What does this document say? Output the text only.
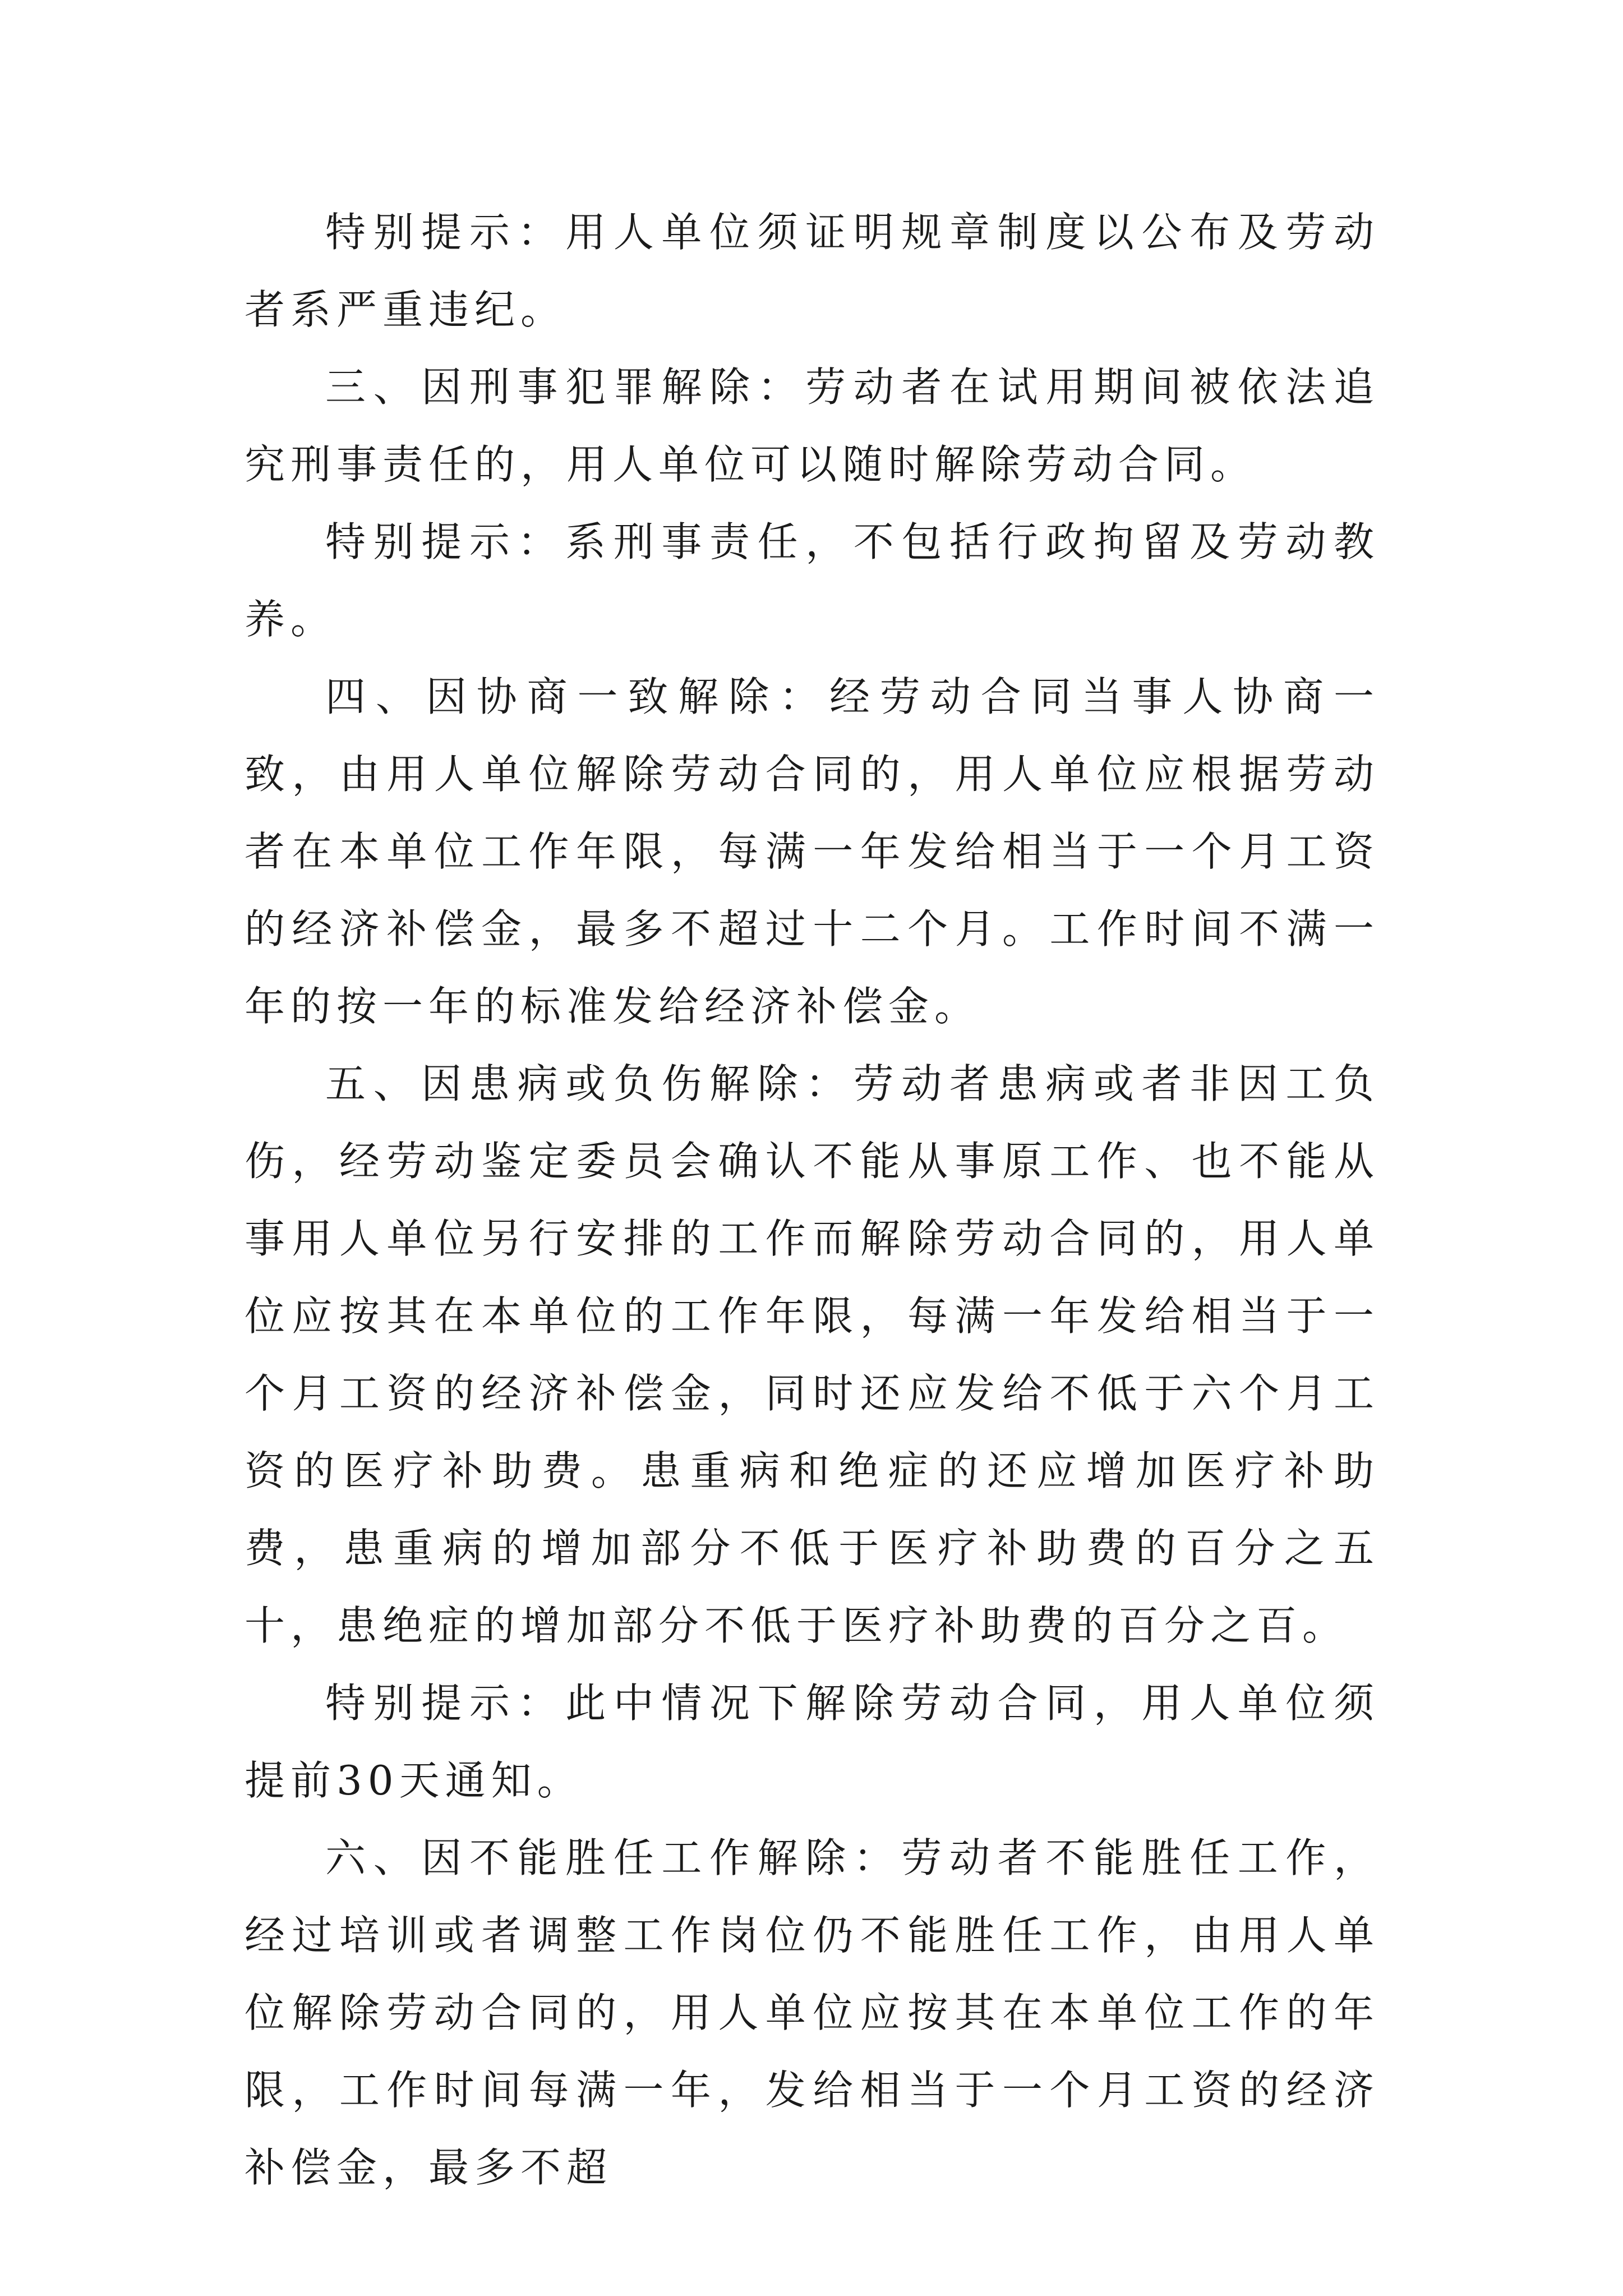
特别提示：用人单位须证明规章制度以公布及劳动者系严重违纪。

三、因刑事犯罪解除：劳动者在试用期间被依法追究刑事责任的，用人单位可以随时解除劳动合同。

特别提示：系刑事责任，不包括行政拘留及劳动教养。

四、因协商一致解除：经劳动合同当事人协商一致，由用人单位解除劳动合同的，用人单位应根据劳动者在本单位工作年限，每满一年发给相当于一个月工资的经济补偿金，最多不超过十二个月。工作时间不满一年的按一年的标准发给经济补偿金。

五、因患病或负伤解除：劳动者患病或者非因工负伤，经劳动鉴定委员会确认不能从事原工作、也不能从事用人单位另行安排的工作而解除劳动合同的，用人单位应按其在本单位的工作年限，每满一年发给相当于一个月工资的经济补偿金，同时还应发给不低于六个月工资的医疗补助费。患重病和绝症的还应增加医疗补助费，患重病的增加部分不低于医疗补助费的百分之五十，患绝症的增加部分不低于医疗补助费的百分之百。

特别提示：此中情况下解除劳动合同，用人单位须提前30天通知。

六、因不能胜任工作解除：劳动者不能胜任工作，经过培训或者调整工作岗位仍不能胜任工作，由用人单位解除劳动合同的，用人单位应按其在本单位工作的年限，工作时间每满一年，发给相当于一个月工资的经济补偿金，最多不超
